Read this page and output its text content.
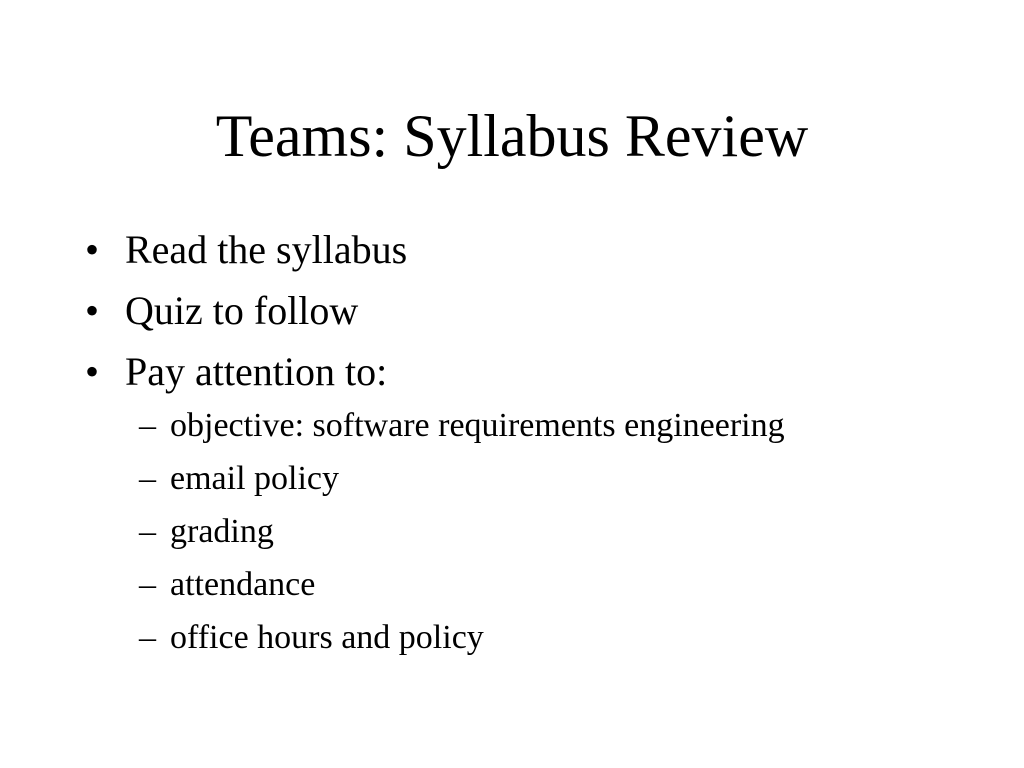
Teams: Syllabus Review
• Read the syllabus
• Quiz to follow
• Pay attention to:
– objective: software requirements engineering
– email policy
– grading
– attendance
– office hours and policy
